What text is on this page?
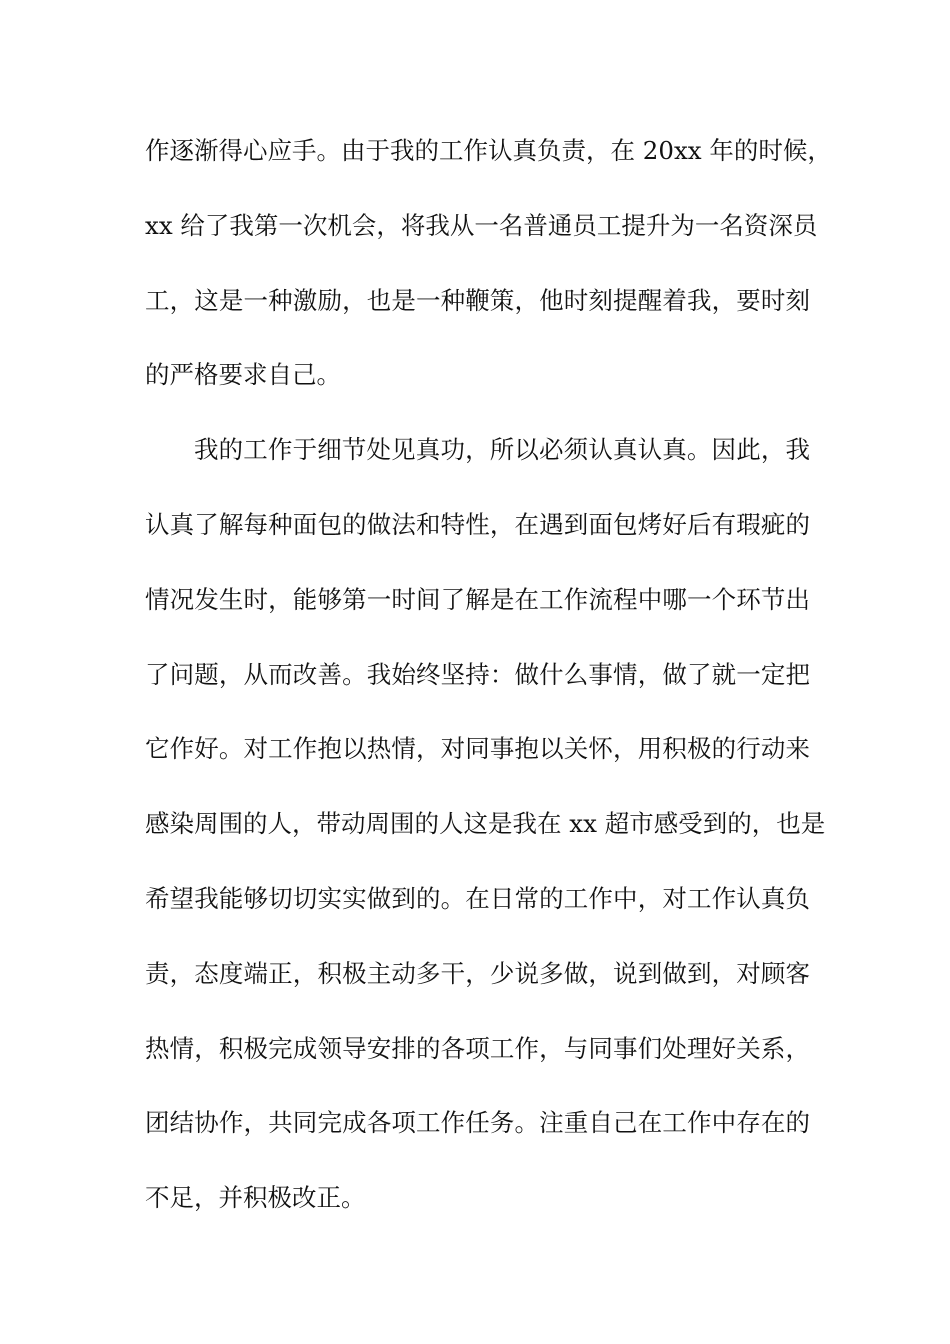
作逐渐得心应手。由于我的工作认真负责，在 20xx 年的时候，
xx 给了我第一次机会，将我从一名普通员工提升为一名资深员
工，这是一种激励，也是一种鞭策，他时刻提醒着我，要时刻
的严格要求自己。
我的工作于细节处见真功，所以必须认真认真。因此，我
认真了解每种面包的做法和特性，在遇到面包烤好后有瑕疵的
情况发生时，能够第一时间了解是在工作流程中哪一个环节出
了问题，从而改善。我始终坚持：做什么事情，做了就一定把
它作好。对工作抱以热情，对同事抱以关怀，用积极的行动来
感染周围的人，带动周围的人这是我在 xx 超市感受到的，也是
希望我能够切切实实做到的。在日常的工作中，对工作认真负
责，态度端正，积极主动多干，少说多做，说到做到，对顾客
热情，积极完成领导安排的各项工作，与同事们处理好关系，
团结协作，共同完成各项工作任务。注重自己在工作中存在的
不足，并积极改正。
